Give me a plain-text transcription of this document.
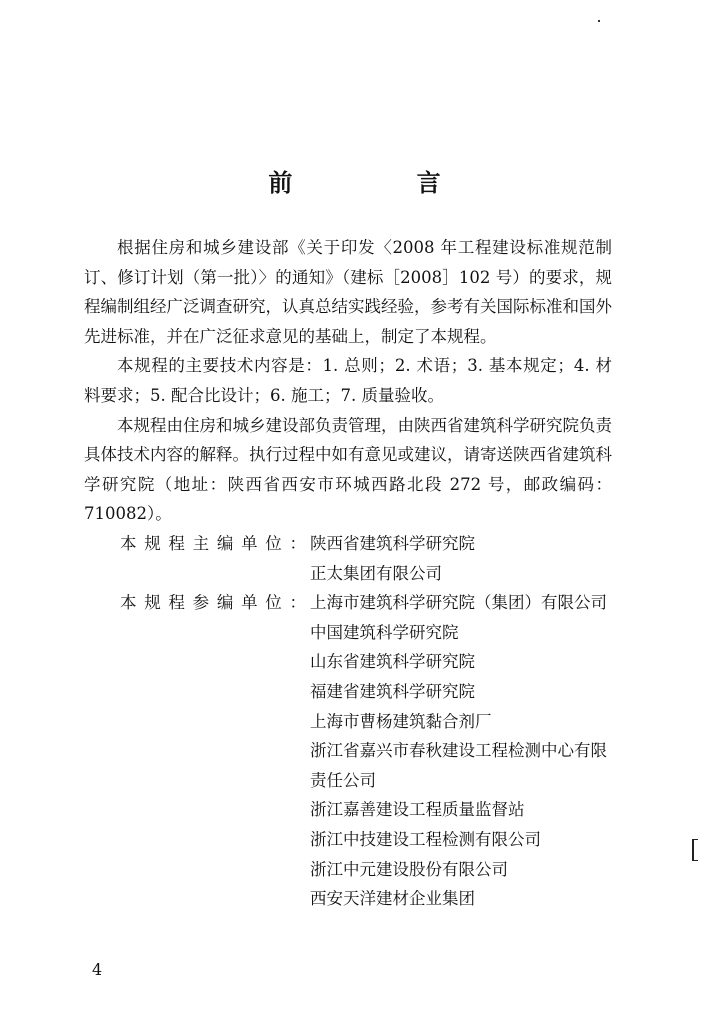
前 言

根据住房和城乡建设部《关于印发〈2008 年工程建设标准规范制订、修订计划（第一批）〉的通知》（建标［2008］102 号）的要求，规程编制组经广泛调查研究，认真总结实践经验，参考有关国际标准和国外先进标准，并在广泛征求意见的基础上，制定了本规程。

本规程的主要技术内容是：1. 总则；2. 术语；3. 基本规定；4. 材料要求；5. 配合比设计；6. 施工；7. 质量验收。

本规程由住房和城乡建设部负责管理，由陕西省建筑科学研究院负责具体技术内容的解释。执行过程中如有意见或建议，请寄送陕西省建筑科学研究院（地址：陕西省西安市环城西路北段 272 号，邮政编码：710082）。

本规程主编单位： 陕西省建筑科学研究院
正太集团有限公司
本规程参编单位： 上海市建筑科学研究院（集团）有限公司
中国建筑科学研究院
山东省建筑科学研究院
福建省建筑科学研究院
上海市曹杨建筑黏合剂厂
浙江省嘉兴市春秋建设工程检测中心有限责任公司
浙江嘉善建设工程质量监督站
浙江中技建设工程检测有限公司
浙江中元建设股份有限公司
西安天洋建材企业集团
4
